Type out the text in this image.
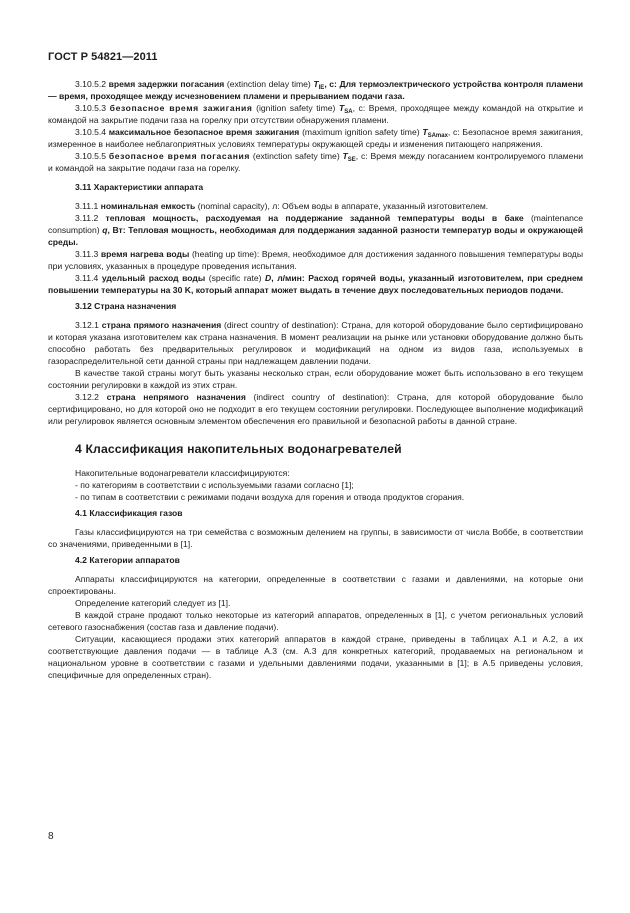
ГОСТ Р 54821—2011

3.10.5.2 время задержки погасания (extinction delay time) $T_{IE}$, с: Для термоэлектрического устройства контроля пламени — время, проходящее между исчезновением пламени и прерыванием подачи газа.

3.10.5.3 безопасное время зажигания (ignition safety time) $T_{SA}$, с: Время, проходящее между командой на открытие и командой на закрытие подачи газа на горелку при отсутствии обнаружения пламени.

3.10.5.4 максимальное безопасное время зажигания (maximum ignition safety time) $T_{SAmax}$, с: Безопасное время зажигания, измеренное в наиболее неблагоприятных условиях температуры окружающей среды и изменения питающего напряжения.

3.10.5.5 безопасное время погасания (extinction safety time) $T_{SE}$, с: Время между погасанием контролируемого пламени и командой на закрытие подачи газа на горелку.

3.11 Характеристики аппарата

3.11.1 номинальная емкость (nominal capacity), л: Объем воды в аппарате, указанный изготовителем.

3.11.2 тепловая мощность, расходуемая на поддержание заданной температуры воды в баке (maintenance consumption) q, Вт: Тепловая мощность, необходимая для поддержания заданной разности температур воды и окружающей среды.

3.11.3 время нагрева воды (heating up time): Время, необходимое для достижения заданного повышения температуры воды при условиях, указанных в процедуре проведения испытания.

3.11.4 удельный расход воды (specific rate) D, л/мин: Расход горячей воды, указанный изготовителем, при среднем повышении температуры на 30 K, который аппарат может выдать в течение двух последовательных периодов подачи.

3.12 Страна назначения

3.12.1 страна прямого назначения (direct country of destination): Страна, для которой оборудование было сертифицировано и которая указана изготовителем как страна назначения. В момент реализации на рынке или установки оборудование должно быть способно работать без предварительных регулировок и модификаций на одном из видов газа, используемых в газораспределительной сети данной страны при надлежащем давлении подачи.

В качестве такой страны могут быть указаны несколько стран, если оборудование может быть использовано в его текущем состоянии регулировки в каждой из этих стран.

3.12.2 страна непрямого назначения (indirect country of destination): Страна, для которой оборудование было сертифицировано, но для которой оно не подходит в его текущем состоянии регулировки. Последующее выполнение модификаций или регулировок является основным элементом обеспечения его правильной и безопасной работы в данной стране.

4 Классификация накопительных водонагревателей

Накопительные водонагреватели классифицируются:

- по категориям в соответствии с используемыми газами согласно [1];

- по типам в соответствии с режимами подачи воздуха для горения и отвода продуктов сгорания.

4.1 Классификация газов

Газы классифицируются на три семейства с возможным делением на группы, в зависимости от числа Воббе, в соответствии со значениями, приведенными в [1].

4.2 Категории аппаратов

Аппараты классифицируются на категории, определенные в соответствии с газами и давлениями, на которые они спроектированы.

Определение категорий следует из [1].

В каждой стране продают только некоторые из категорий аппаратов, определенных в [1], с учетом региональных условий сетевого газоснабжения (состав газа и давление подачи).

Ситуации, касающиеся продажи этих категорий аппаратов в каждой стране, приведены в таблицах А.1 и А.2, а их соответствующие давления подачи — в таблице А.3 (см. А.3 для конкретных категорий, продаваемых на региональном и национальном уровне в соответствии с газами и удельными давлениями подачи, указанными в [1]; в А.5 приведены условия, специфичные для определенных стран).

8
